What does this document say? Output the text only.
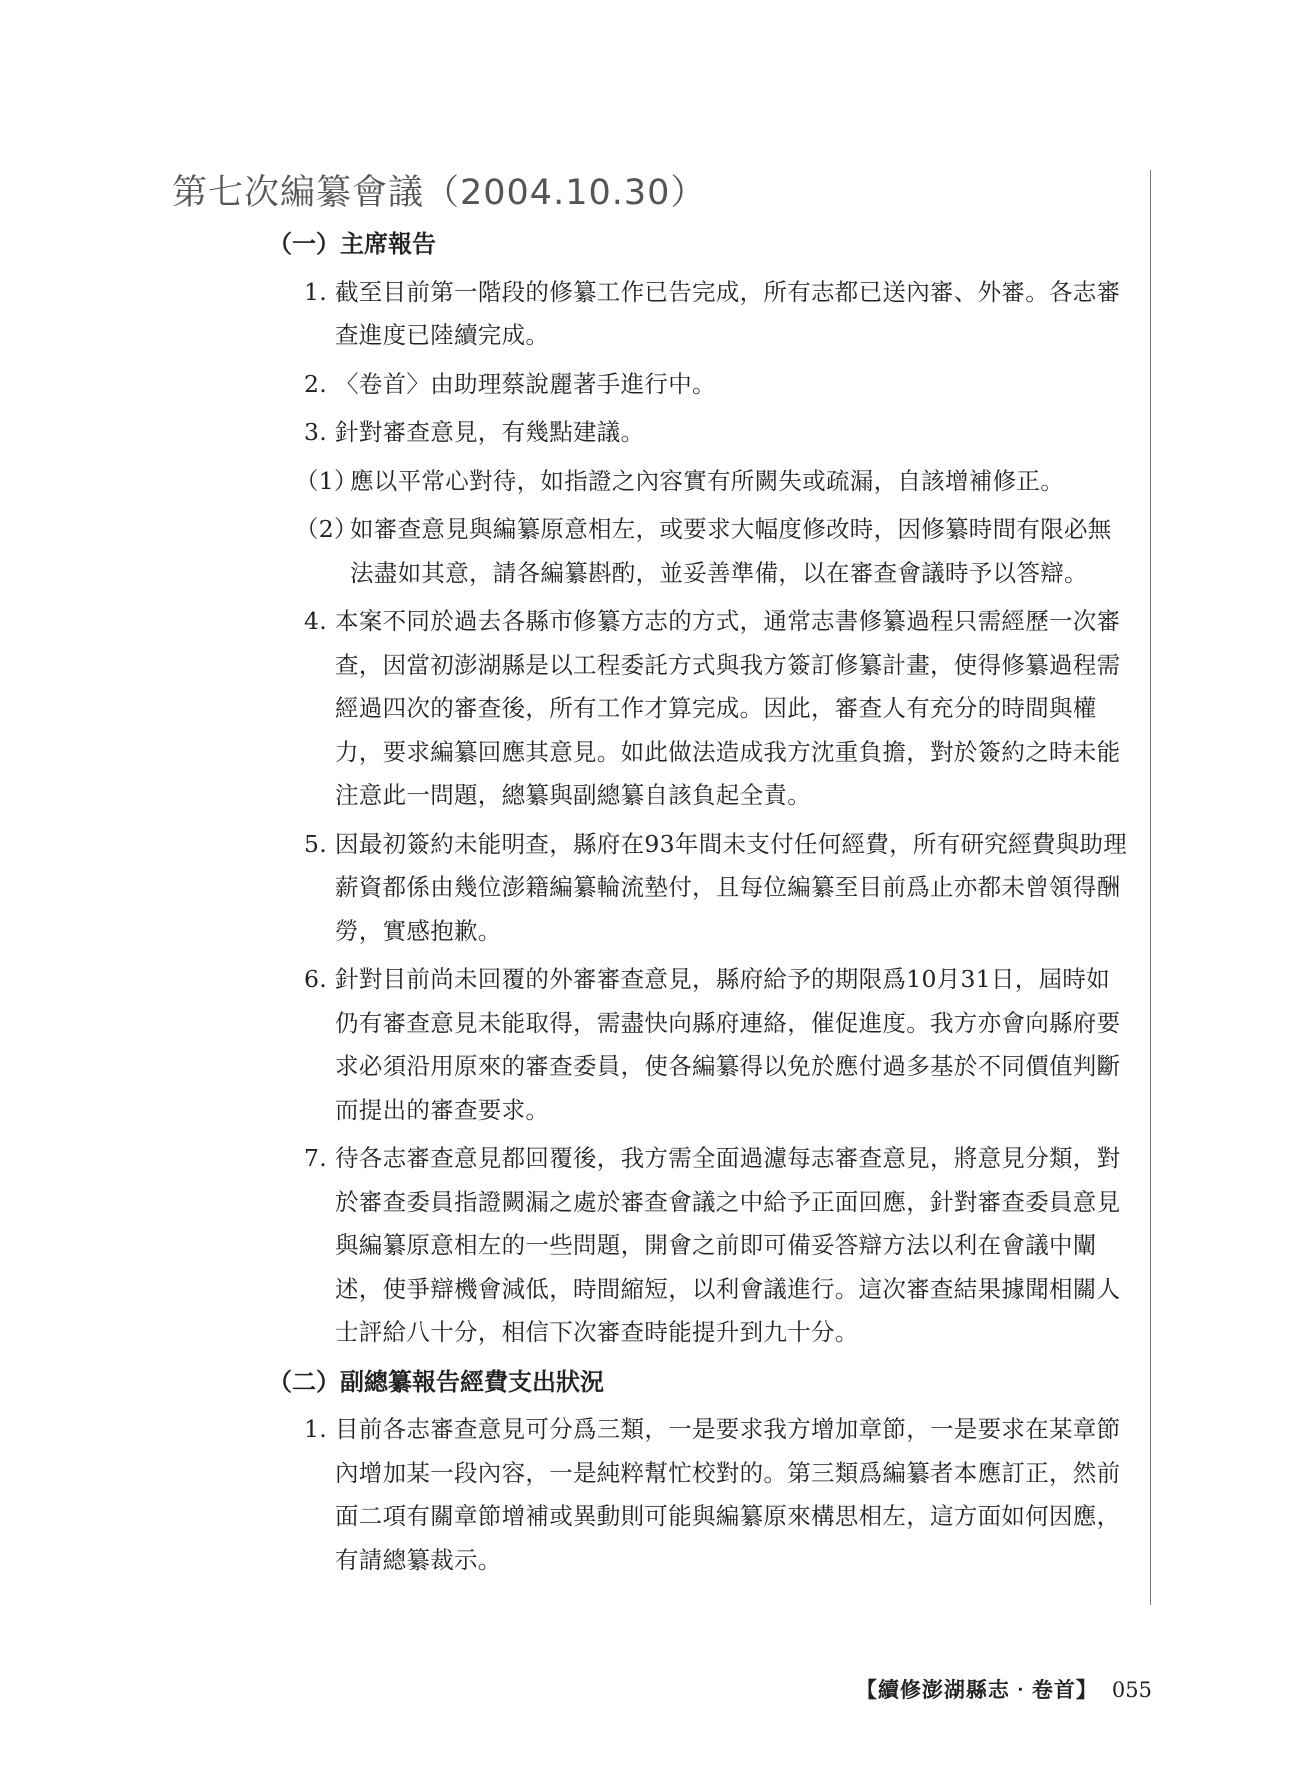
第七次編纂會議（2004.10.30）
（一）主席報告

1. 截至目前第一階段的修纂工作已告完成，所有志都已送內審、外審。各志審查進度已陸續完成。

2. 〈卷首〉由助理蔡說麗著手進行中。

3. 針對審查意見，有幾點建議。

（1）
應以平常心對待，如指證之內容實有所闕失或疏漏，自該增補修正。

（2）
如審查意見與編纂原意相左，或要求大幅度修改時，因修纂時間有限必無法盡如其意，請各編纂斟酌，並妥善準備，以在審查會議時予以答辯。

4. 本案不同於過去各縣市修纂方志的方式，通常志書修纂過程只需經歷一次審查，因當初澎湖縣是以工程委託方式與我方簽訂修纂計畫，使得修纂過程需經過四次的審查後，所有工作才算完成。因此，審查人有充分的時間與權力，要求編纂回應其意見。如此做法造成我方沈重負擔，對於簽約之時未能注意此一問題，總纂與副總纂自該負起全責。

5. 因最初簽約未能明查，縣府在93年間未支付任何經費，所有研究經費與助理薪資都係由幾位澎籍編纂輪流墊付，且每位編纂至目前爲止亦都未曾領得酬勞，實感抱歉。

6. 針對目前尚未回覆的外審審查意見，縣府給予的期限爲10月31日，屆時如仍有審查意見未能取得，需盡快向縣府連絡，催促進度。我方亦會向縣府要求必須沿用原來的審查委員，使各編纂得以免於應付過多基於不同價值判斷而提出的審查要求。

7. 待各志審查意見都回覆後，我方需全面過濾每志審查意見，將意見分類，對於審查委員指證闕漏之處於審查會議之中給予正面回應，針對審查委員意見與編纂原意相左的一些問題，開會之前即可備妥答辯方法以利在會議中闡述，使爭辯機會減低，時間縮短，以利會議進行。這次審查結果據聞相關人士評給八十分，相信下次審查時能提升到九十分。

（二）副總纂報告經費支出狀況

1. 目前各志審查意見可分爲三類，一是要求我方增加章節，一是要求在某章節內增加某一段內容，一是純粹幫忙校對的。第三類爲編纂者本應訂正，然前面二項有關章節增補或異動則可能與編纂原來構思相左，這方面如何因應，有請總纂裁示。

【續修澎湖縣志‧卷首】 055
